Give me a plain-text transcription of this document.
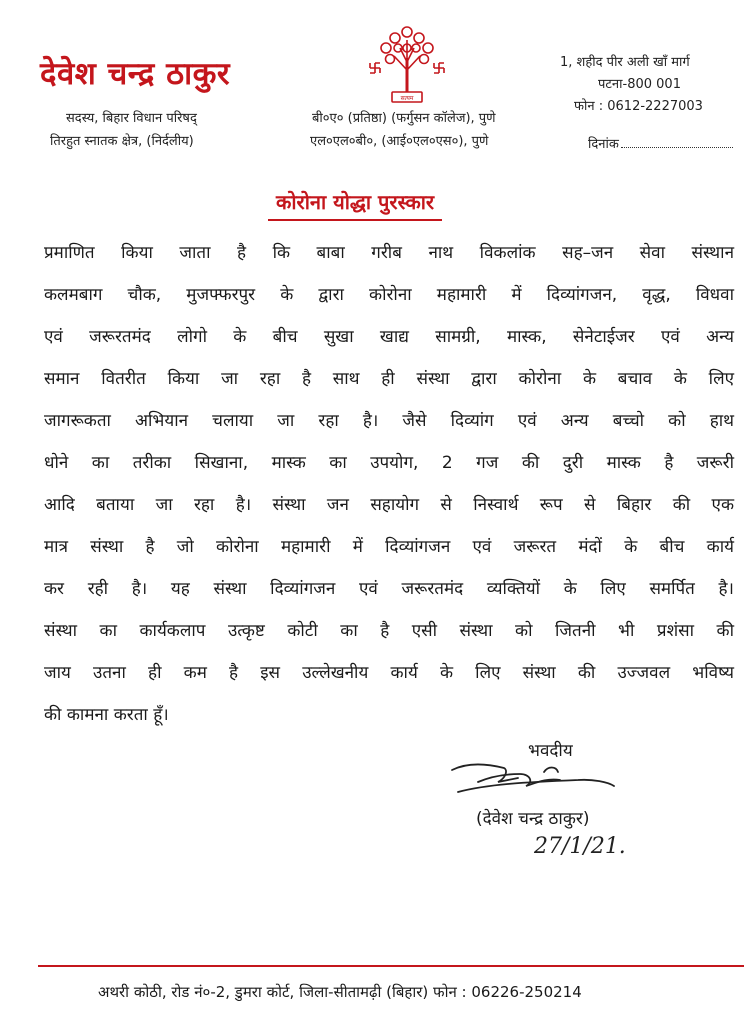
देवेश चन्द्र ठाकुर
सदस्य, बिहार विधान परिषद्
तिरहुत स्नातक क्षेत्र, (निर्दलीय)
सत्यम
बी०ए० (प्रतिष्ठा) (फर्गुसन कॉलेज), पुणे
एल०एल०बी०, (आई०एल०एस०), पुणे
1, शहीद पीर अली खाँ मार्ग
पटना-800 001
फोन : 0612-2227003
दिनांक
कोरोना योद्धा पुरस्कार
प्रमाणित किया जाता है कि बाबा गरीब नाथ विकलांक सह–जन सेवा संस्थान
कलमबाग चौक, मुजफ्फरपुर के द्वारा कोरोना महामारी में दिव्यांगजन, वृद्ध, विधवा
एवं जरूरतमंद लोगो के बीच सुखा खाद्य सामग्री, मास्क, सेनेटाईजर एवं अन्य
समान वितरीत किया जा रहा है साथ ही संस्था द्वारा कोरोना के बचाव के लिए
जागरूकता अभियान चलाया जा रहा है। जैसे दिव्यांग एवं अन्य बच्चो को हाथ
धोने का तरीका सिखाना, मास्क का उपयोग, 2 गज की दुरी मास्क है जरूरी
आदि बताया जा रहा है। संस्था जन सहायोग से निस्वार्थ रूप से बिहार की एक
मात्र संस्था है जो कोरोना महामारी में दिव्यांगजन एवं जरूरत मंदों के बीच कार्य
कर रही है। यह संस्था दिव्यांगजन एवं जरूरतमंद व्यक्तियों के लिए समर्पित है।
संस्था का कार्यकलाप उत्कृष्ट कोटी का है एसी संस्था को जितनी भी प्रशंसा की
जाय उतना ही कम है इस उल्लेखनीय कार्य के लिए संस्था की उज्जवल भविष्य
की कामना करता हूँ।
भवदीय
(देवेश चन्द्र ठाकुर)
27/1/21.
अथरी कोठी, रोड नं०-2, डुमरा कोर्ट, जिला-सीतामढ़ी (बिहार) फोन : 06226-250214
